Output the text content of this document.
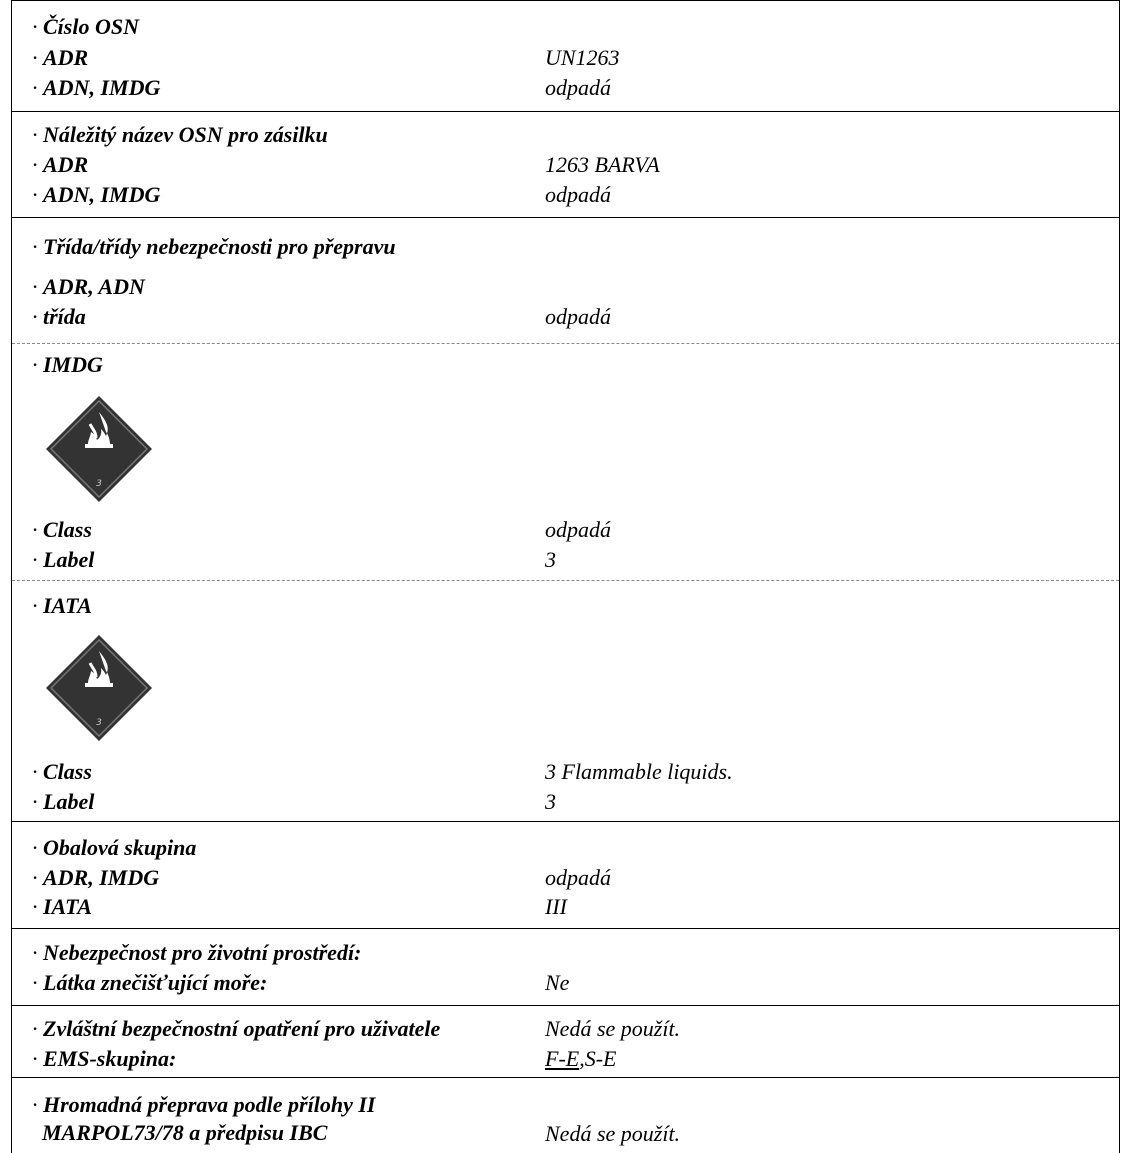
· Číslo OSN
· ADR	UN1263
· ADN, IMDG	odpadá
· Náležitý název OSN pro zásilku
· ADR	1263 BARVA
· ADN, IMDG	odpadá
· Třída/třídy nebezpečnosti pro přepravu
· ADR, ADN
· třída	odpadá
· IMDG
3
· Class	odpadá
· Label	3
· IATA
3
· Class	3 Flammable liquids.
· Label	3
· Obalová skupina
· ADR, IMDG	odpadá
· IATA	III
· Nebezpečnost pro životní prostředí:
· Látka znečišťující moře:	Ne
· Zvláštní bezpečnostní opatření pro uživatele	Nedá se použít.
· EMS-skupina:	F-E,S-E
· Hromadná přeprava podle přílohy II
MARPOL73/78 a předpisu IBC	Nedá se použít.
